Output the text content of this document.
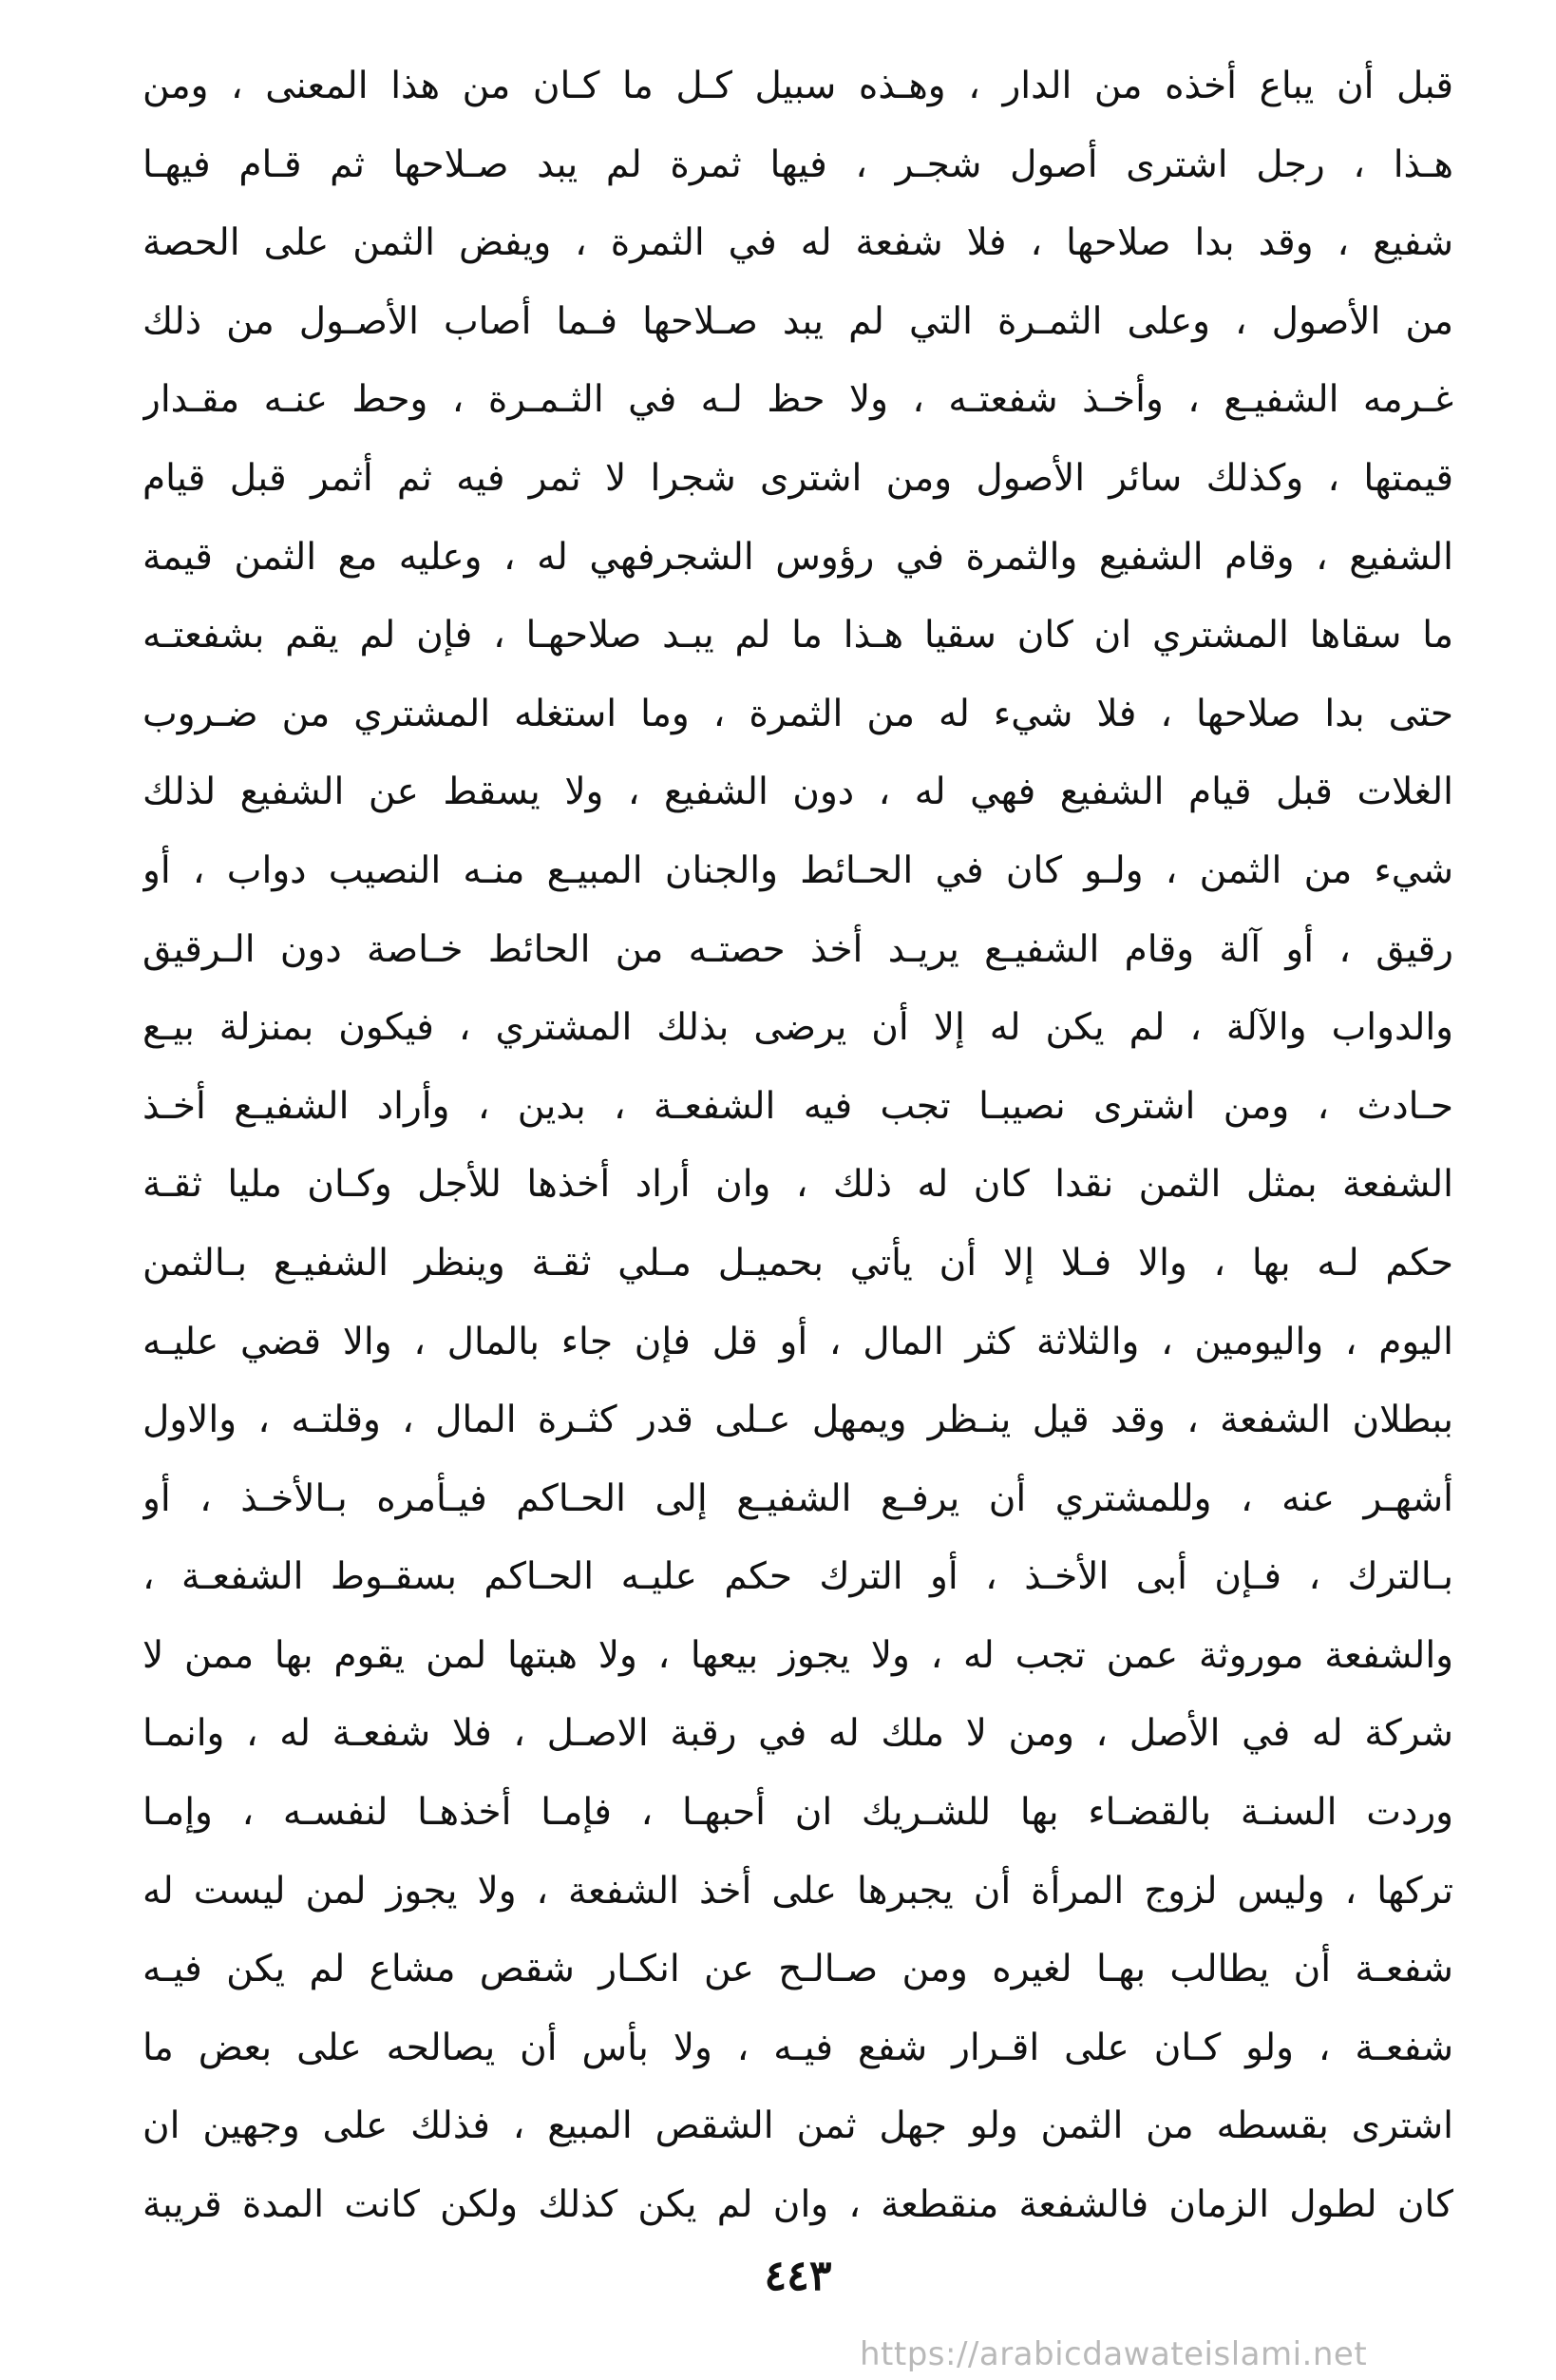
قبل أن يباع أخذه من الدار ، وهـذه سبيل كـل ما كـان من هذا المعنى ، ومن
هـذا ، رجل اشترى أصول شجـر ، فيها ثمرة لم يبد صـلاحها ثم قـام فيهـا
شفيع ، وقد بدا صلاحها ، فلا شفعة له في الثمرة ، ويفض الثمن على الحصة
من الأصول ، وعلى الثمـرة التي لم يبد صـلاحها فـما أصاب الأصـول من ذلك
غـرمه الشفيـع ، وأخـذ شفعتـه ، ولا حظ لـه في الثـمـرة ، وحط عنـه مقـدار
قيمتها ، وكذلك سائر الأصول ومن اشترى شجرا لا ثمر فيه ثم أثمر قبل قيام
الشفيع ، وقام الشفيع والثمرة في رؤوس الشجرفهي له ، وعليه مع الثمن قيمة
ما سقاها المشتري ان كان سقيا هـذا ما لم يبـد صلاحهـا ، فإن لم يقم بشفعتـه
حتى بدا صلاحها ، فلا شيء له من الثمرة ، وما استغله المشتري من ضـروب
الغلات قبل قيام الشفيع فهي له ، دون الشفيع ، ولا يسقط عن الشفيع لذلك
شيء من الثمن ، ولـو كان في الحـائط والجنان المبيـع منـه النصيب دواب ، أو
رقيق ، أو آلة وقام الشفيـع يريـد أخذ حصتـه من الحائط خـاصة دون الـرقيق
والدواب والآلة ، لم يكن له إلا أن يرضى بذلك المشتري ، فيكون بمنزلة بيـع
حـادث ، ومن اشترى نصيبـا تجب فيه الشفعـة ، بدين ، وأراد الشفيـع أخـذ
الشفعة بمثل الثمن نقدا كان له ذلك ، وان أراد أخذها للأجل وكـان مليا ثقـة
حكم لـه بها ، والا فـلا إلا أن يأتي بحميـل مـلي ثقـة وينظر الشفيـع بـالثمن
اليوم ، واليومين ، والثلاثة كثر المال ، أو قل فإن جاء بالمال ، والا قضي عليـه
ببطلان الشفعة ، وقد قيل ينـظر ويمهل عـلى قدر كثـرة المال ، وقلتـه ، والاول
أشهـر عنه ، وللمشتري أن يرفـع الشفيـع إلى الحـاكم فيـأمره بـالأخـذ ، أو
بـالترك ، فـإن أبى الأخـذ ، أو الترك حكم عليـه الحـاكم بسقـوط الشفعـة ،
والشفعة موروثة عمن تجب له ، ولا يجوز بيعها ، ولا هبتها لمن يقوم بها ممن لا
شركة له في الأصل ، ومن لا ملك له في رقبة الاصـل ، فلا شفعـة له ، وانمـا
وردت السنـة بالقضـاء بها للشـريك ان أحبهـا ، فإمـا أخذهـا لنفسـه ، وإمـا
تركها ، وليس لزوج المرأة أن يجبرها على أخذ الشفعة ، ولا يجوز لمن ليست له
شفعـة أن يطالب بهـا لغيره ومن صـالـح عن انكـار شقص مشاع لم يكن فيـه
شفعـة ، ولو كـان على اقـرار شفع فيـه ، ولا بأس أن يصالحه على بعض ما
اشترى بقسطه من الثمن ولو جهل ثمن الشقص المبيع ، فذلك على وجهين ان
كان لطول الزمان فالشفعة منقطعة ، وان لم يكن كذلك ولكن كانت المدة قريبة
٤٤٣
https://arabicdawateislami.net
